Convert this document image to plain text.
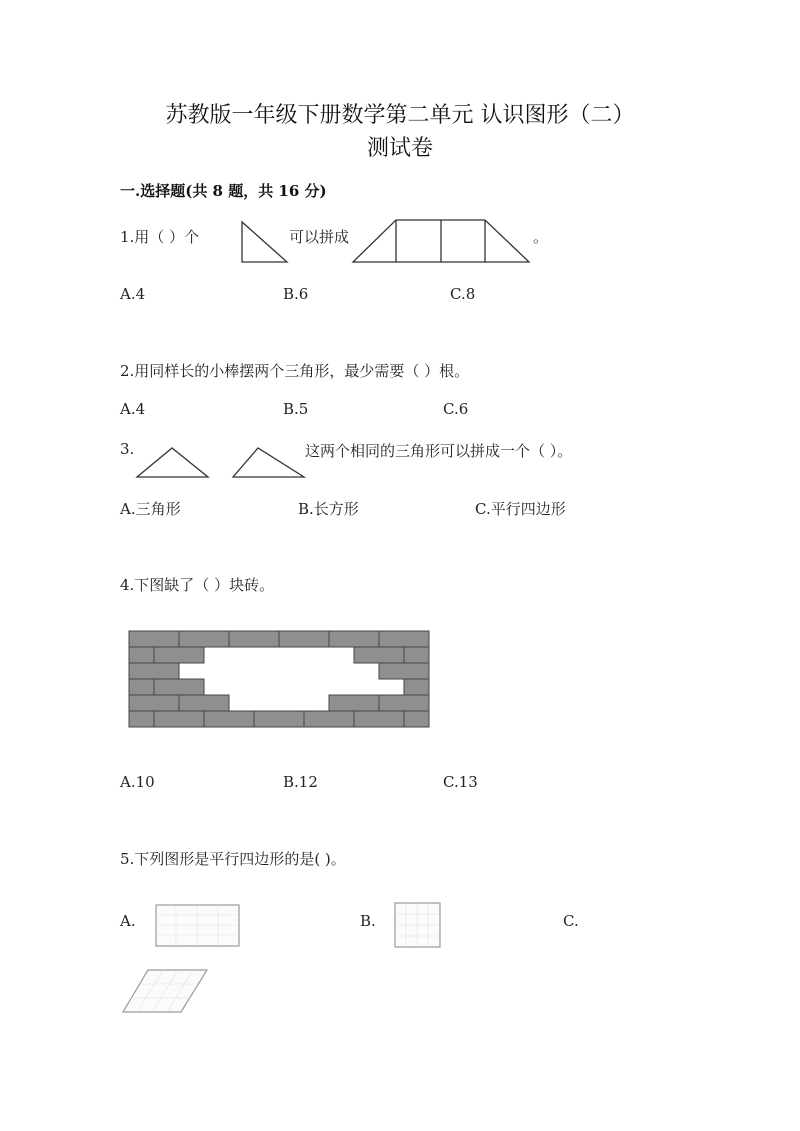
苏教版一年级下册数学第二单元 认识图形（二）
测试卷
一.选择题(共 8 题，共 16 分)
1.用（ ）个	可以拼成	。
A.4	B.6	C.8
2.用同样长的小棒摆两个三角形，最少需要（ ）根。
A.4	B.5	C.6
3.	这两个相同的三角形可以拼成一个（ ）。
A.三角形	B.长方形	C.平行四边形
4.下图缺了（ ）块砖。
A.10	B.12	C.13
5.下列图形是平行四边形的是( )。
A.	B.	C.
